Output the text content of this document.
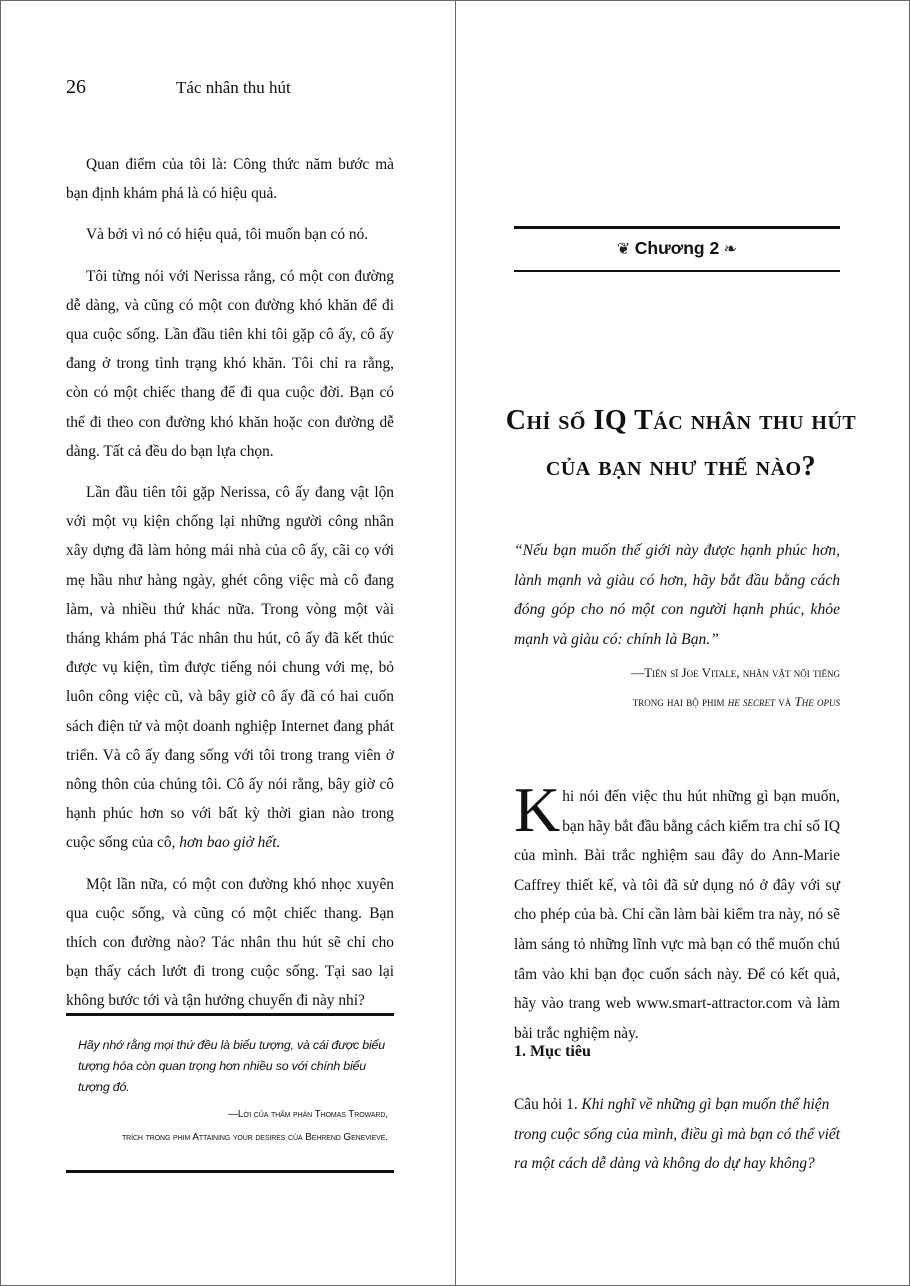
26	Tác nhân thu hút

Quan điểm của tôi là: Công thức năm bước mà bạn định khám phá là có hiệu quả.

Và bởi vì nó có hiệu quả, tôi muốn bạn có nó.

Tôi từng nói với Nerissa rằng, có một con đường dễ dàng, và cũng có một con đường khó khăn để đi qua cuộc sống. Lần đầu tiên khi tôi gặp cô ấy, cô ấy đang ở trong tình trạng khó khăn. Tôi chỉ ra rằng, còn có một chiếc thang để đi qua cuộc đời. Bạn có thể đi theo con đường khó khăn hoặc con đường dễ dàng. Tất cả đều do bạn lựa chọn.

Lần đầu tiên tôi gặp Nerissa, cô ấy đang vật lộn với một vụ kiện chống lại những người công nhân xây dựng đã làm hỏng mái nhà của cô ấy, cãi cọ với mẹ hầu như hàng ngày, ghét công việc mà cô đang làm, và nhiều thứ khác nữa. Trong vòng một vài tháng khám phá Tác nhân thu hút, cô ấy đã kết thúc được vụ kiện, tìm được tiếng nói chung với mẹ, bỏ luôn công việc cũ, và bây giờ cô ấy đã có hai cuốn sách điện tử và một doanh nghiệp Internet đang phát triển. Và cô ấy đang sống với tôi trong trang viên ở nông thôn của chúng tôi. Cô ấy nói rằng, bây giờ cô hạnh phúc hơn so với bất kỳ thời gian nào trong cuộc sống của cô, hơn bao giờ hết.

Một lần nữa, có một con đường khó nhọc xuyên qua cuộc sống, và cũng có một chiếc thang. Bạn thích con đường nào? Tác nhân thu hút sẽ chỉ cho bạn thấy cách lướt đi trong cuộc sống. Tại sao lại không bước tới và tận hưởng chuyến đi này nhỉ?

Hãy nhớ rằng mọi thứ đều là biểu tượng, và cái được biểu tượng hóa còn quan trọng hơn nhiều so với chính biểu tượng đó.
—Lời của thẩm phán Thomas Troward,
trích trong phim Attaining your desires của Behrend Genevieve.
❦ Chương 2 ❧
Chỉ số IQ Tác nhân thu hút
của bạn như thế nào?
“Nếu bạn muốn thế giới này được hạnh phúc hơn, lành mạnh và giàu có hơn, hãy bắt đầu bằng cách đóng góp cho nó một con người hạnh phúc, khỏe mạnh và giàu có: chính là Bạn.”
—Tiến sĩ Joe Vitale, nhân vật nổi tiếng
trong hai bộ phim he secret và The opus
Khi nói đến việc thu hút những gì bạn muốn, bạn hãy bắt đầu bằng cách kiểm tra chỉ số IQ của mình. Bài trắc nghiệm sau đây do Ann-Marie Caffrey thiết kế, và tôi đã sử dụng nó ở đây với sự cho phép của bà. Chỉ cần làm bài kiểm tra này, nó sẽ làm sáng tỏ những lĩnh vực mà bạn có thể muốn chú tâm vào khi bạn đọc cuốn sách này. Để có kết quả, hãy vào trang web www.smart-attractor.com và làm bài trắc nghiệm này.
1. Mục tiêu
Câu hỏi 1. Khi nghĩ về những gì bạn muốn thể hiện trong cuộc sống của mình, điều gì mà bạn có thể viết ra một cách dễ dàng và không do dự hay không?
